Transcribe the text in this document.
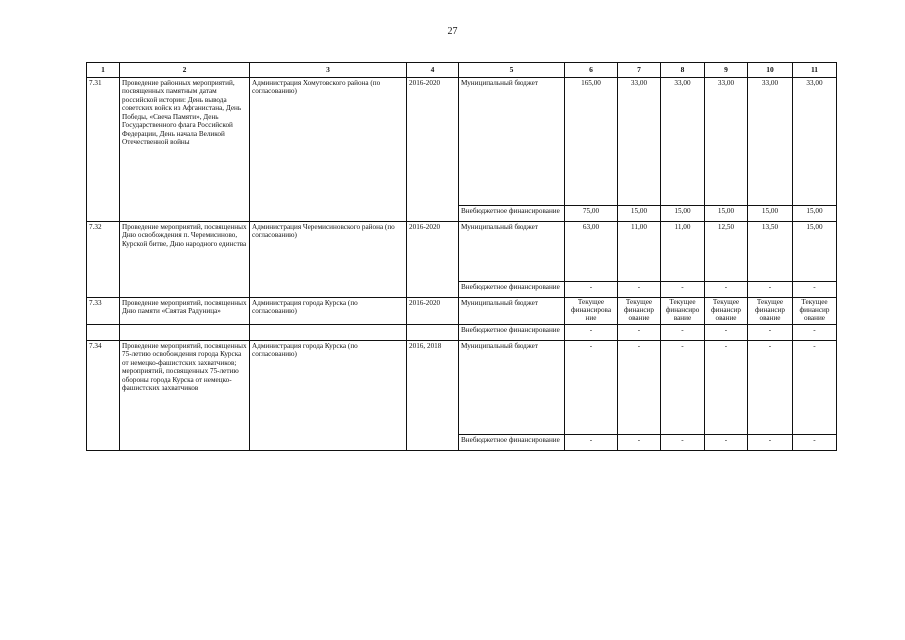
27
1	2	3	4	5	6	7	8	9	10	11
7.31	Проведение районных мероприятий, посвященных памятным датам российской истории: День вывода советских войск из Афганистана, День Победы, «Свеча Памяти», День Государственного флага Российской Федерации, День начала Великой Отечественной войны	Администрация Хомутовского района (по согласованию)	2016-2020	Муниципальный бюджет	165,00	33,00	33,00	33,00	33,00	33,00
				Внебюджетное финансирование	75,00	15,00	15,00	15,00	15,00	15,00
7.32	Проведение мероприятий, посвященных Дню освобождения п. Черемисиново, Курской битве, Дню народного единства	Администрация Черемисиновского района (по согласованию)	2016-2020	Муниципальный бюджет	63,00	11,00	11,00	12,50	13,50	15,00
				Внебюджетное финансирование	-	-	-	-	-	-
7.33	Проведение мероприятий, посвященных Дню памяти «Святая Радуница»	Администрация города Курска (по согласованию)	2016-2020	Муниципальный бюджет	Текущее финансирова ние	Текущее финансир ование	Текущее финансиро вание	Текущее финансир ование	Текущее финансир ование	Текущее финансир ование
				Внебюджетное финансирование	-	-	-	-	-	-
7.34	Проведение мероприятий, посвященных 75-летию освобождения города Курска от немецко-фашистских захватчиков; мероприятий, посвященных 75-летию обороны города Курска от немецко-фашистских захватчиков	Администрация города Курска (по согласованию)	2016, 2018	Муниципальный бюджет	-	-	-	-	-	-
				Внебюджетное финансирование	-	-	-	-	-	-
